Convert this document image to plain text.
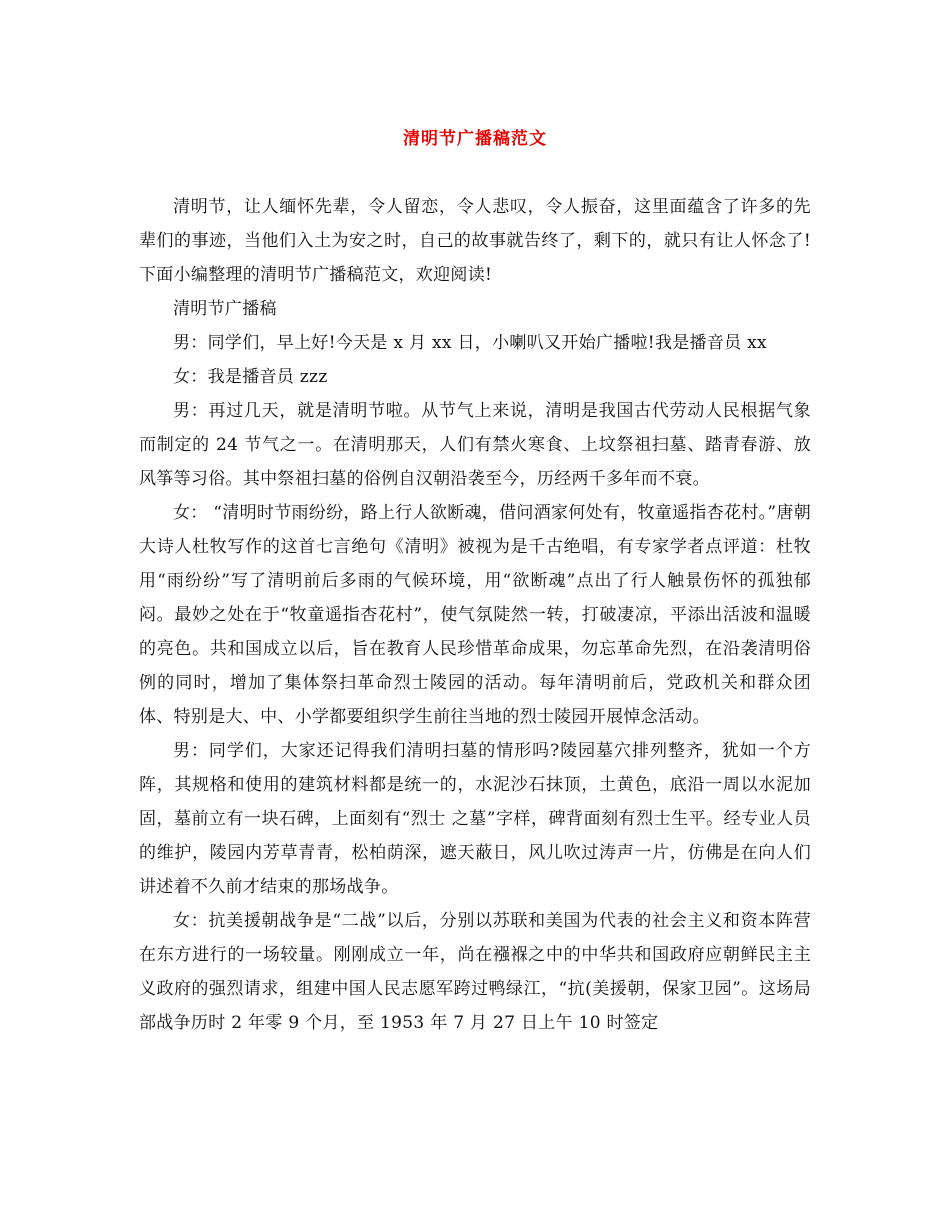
清明节广播稿范文

清明节，让人缅怀先辈，令人留恋，令人悲叹，令人振奋，这里面蕴含了许多的先辈们的事迹，当他们入土为安之时，自己的故事就告终了，剩下的，就只有让人怀念了!下面小编整理的清明节广播稿范文，欢迎阅读!

清明节广播稿

男：同学们，早上好!今天是 x 月 xx 日，小喇叭又开始广播啦!我是播音员 xx

女：我是播音员 zzz

男：再过几天，就是清明节啦。从节气上来说，清明是我国古代劳动人民根据气象而制定的 24 节气之一。在清明那天，人们有禁火寒食、上坟祭祖扫墓、踏青春游、放风筝等习俗。其中祭祖扫墓的俗例自汉朝沿袭至今，历经两千多年而不衰。

女： “清明时节雨纷纷，路上行人欲断魂，借问酒家何处有，牧童遥指杏花村。”唐朝大诗人杜牧写作的这首七言绝句《清明》被视为是千古绝唱，有专家学者点评道：杜牧用“雨纷纷”写了清明前后多雨的气候环境，用“欲断魂”点出了行人触景伤怀的孤独郁闷。最妙之处在于“牧童遥指杏花村”，使气氛陡然一转，打破凄凉，平添出活波和温暖的亮色。共和国成立以后，旨在教育人民珍惜革命成果，勿忘革命先烈，在沿袭清明俗例的同时，增加了集体祭扫革命烈士陵园的活动。每年清明前后，党政机关和群众团体、特别是大、中、小学都要组织学生前往当地的烈士陵园开展悼念活动。

男：同学们，大家还记得我们清明扫墓的情形吗?陵园墓穴排列整齐，犹如一个方阵，其规格和使用的建筑材料都是统一的，水泥沙石抹顶，土黄色，底沿一周以水泥加固，墓前立有一块石碑，上面刻有“烈士 之墓”字样，碑背面刻有烈士生平。经专业人员的维护，陵园内芳草青青，松柏荫深，遮天蔽日，风儿吹过涛声一片，仿佛是在向人们讲述着不久前才结束的那场战争。

女：抗美援朝战争是“二战”以后，分别以苏联和美国为代表的社会主义和资本阵营在东方进行的一场较量。刚刚成立一年，尚在襁褓之中的中华共和国政府应朝鲜民主主义政府的强烈请求，组建中国人民志愿军跨过鸭绿江，“抗(美援朝，保家卫园”。这场局部战争历时 2 年零 9 个月，至 1953 年 7 月 27 日上午 10 时签定
